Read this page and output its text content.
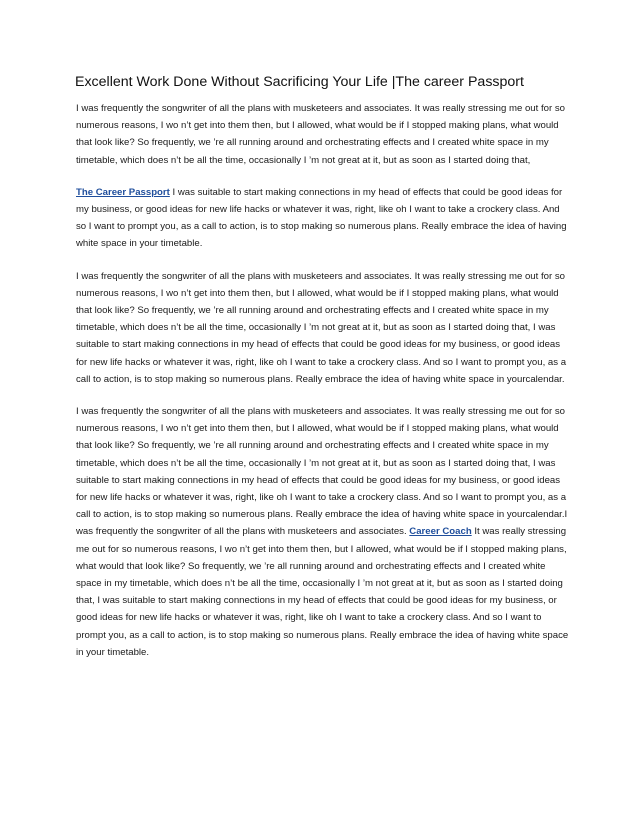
Excellent Work Done Without Sacrificing Your Life |The career Passport

I was frequently the songwriter of all the plans with musketeers and associates. It was really stressing me out for so numerous reasons, I wo n’t get into them then, but I allowed, what would be if I stopped making plans, what would that look like? So frequently, we ’re all running around and orchestrating effects and I created white space in my timetable, which does n’t be all the time, occasionally I ’m not great at it, but as soon as I started doing that,

The Career Passport I was suitable to start making connections in my head of effects that could be good ideas for my business, or good ideas for new life hacks or whatever it was, right, like oh I want to take a crockery class. And so I want to prompt you, as a call to action, is to stop making so numerous plans. Really embrace the idea of having white space in your timetable.

I was frequently the songwriter of all the plans with musketeers and associates. It was really stressing me out for so numerous reasons, I wo n’t get into them then, but I allowed, what would be if I stopped making plans, what would that look like? So frequently, we ’re all running around and orchestrating effects and I created white space in my timetable, which does n’t be all the time, occasionally I ’m not great at it, but as soon as I started doing that, I was suitable to start making connections in my head of effects that could be good ideas for my business, or good ideas for new life hacks or whatever it was, right, like oh I want to take a crockery class. And so I want to prompt you, as a call to action, is to stop making so numerous plans. Really embrace the idea of having white space in yourcalendar.

I was frequently the songwriter of all the plans with musketeers and associates. It was really stressing me out for so numerous reasons, I wo n’t get into them then, but I allowed, what would be if I stopped making plans, what would that look like? So frequently, we ’re all running around and orchestrating effects and I created white space in my timetable, which does n’t be all the time, occasionally I ’m not great at it, but as soon as I started doing that, I was suitable to start making connections in my head of effects that could be good ideas for my business, or good ideas for new life hacks or whatever it was, right, like oh I want to take a crockery class. And so I want to prompt you, as a call to action, is to stop making so numerous plans. Really embrace the idea of having white space in yourcalendar.I was frequently the songwriter of all the plans with musketeers and associates. Career Coach It was really stressing me out for so numerous reasons, I wo n’t get into them then, but I allowed, what would be if I stopped making plans, what would that look like? So frequently, we ’re all running around and orchestrating effects and I created white space in my timetable, which does n’t be all the time, occasionally I ’m not great at it, but as soon as I started doing that, I was suitable to start making connections in my head of effects that could be good ideas for my business, or good ideas for new life hacks or whatever it was, right, like oh I want to take a crockery class. And so I want to prompt you, as a call to action, is to stop making so numerous plans. Really embrace the idea of having white space in your timetable.
